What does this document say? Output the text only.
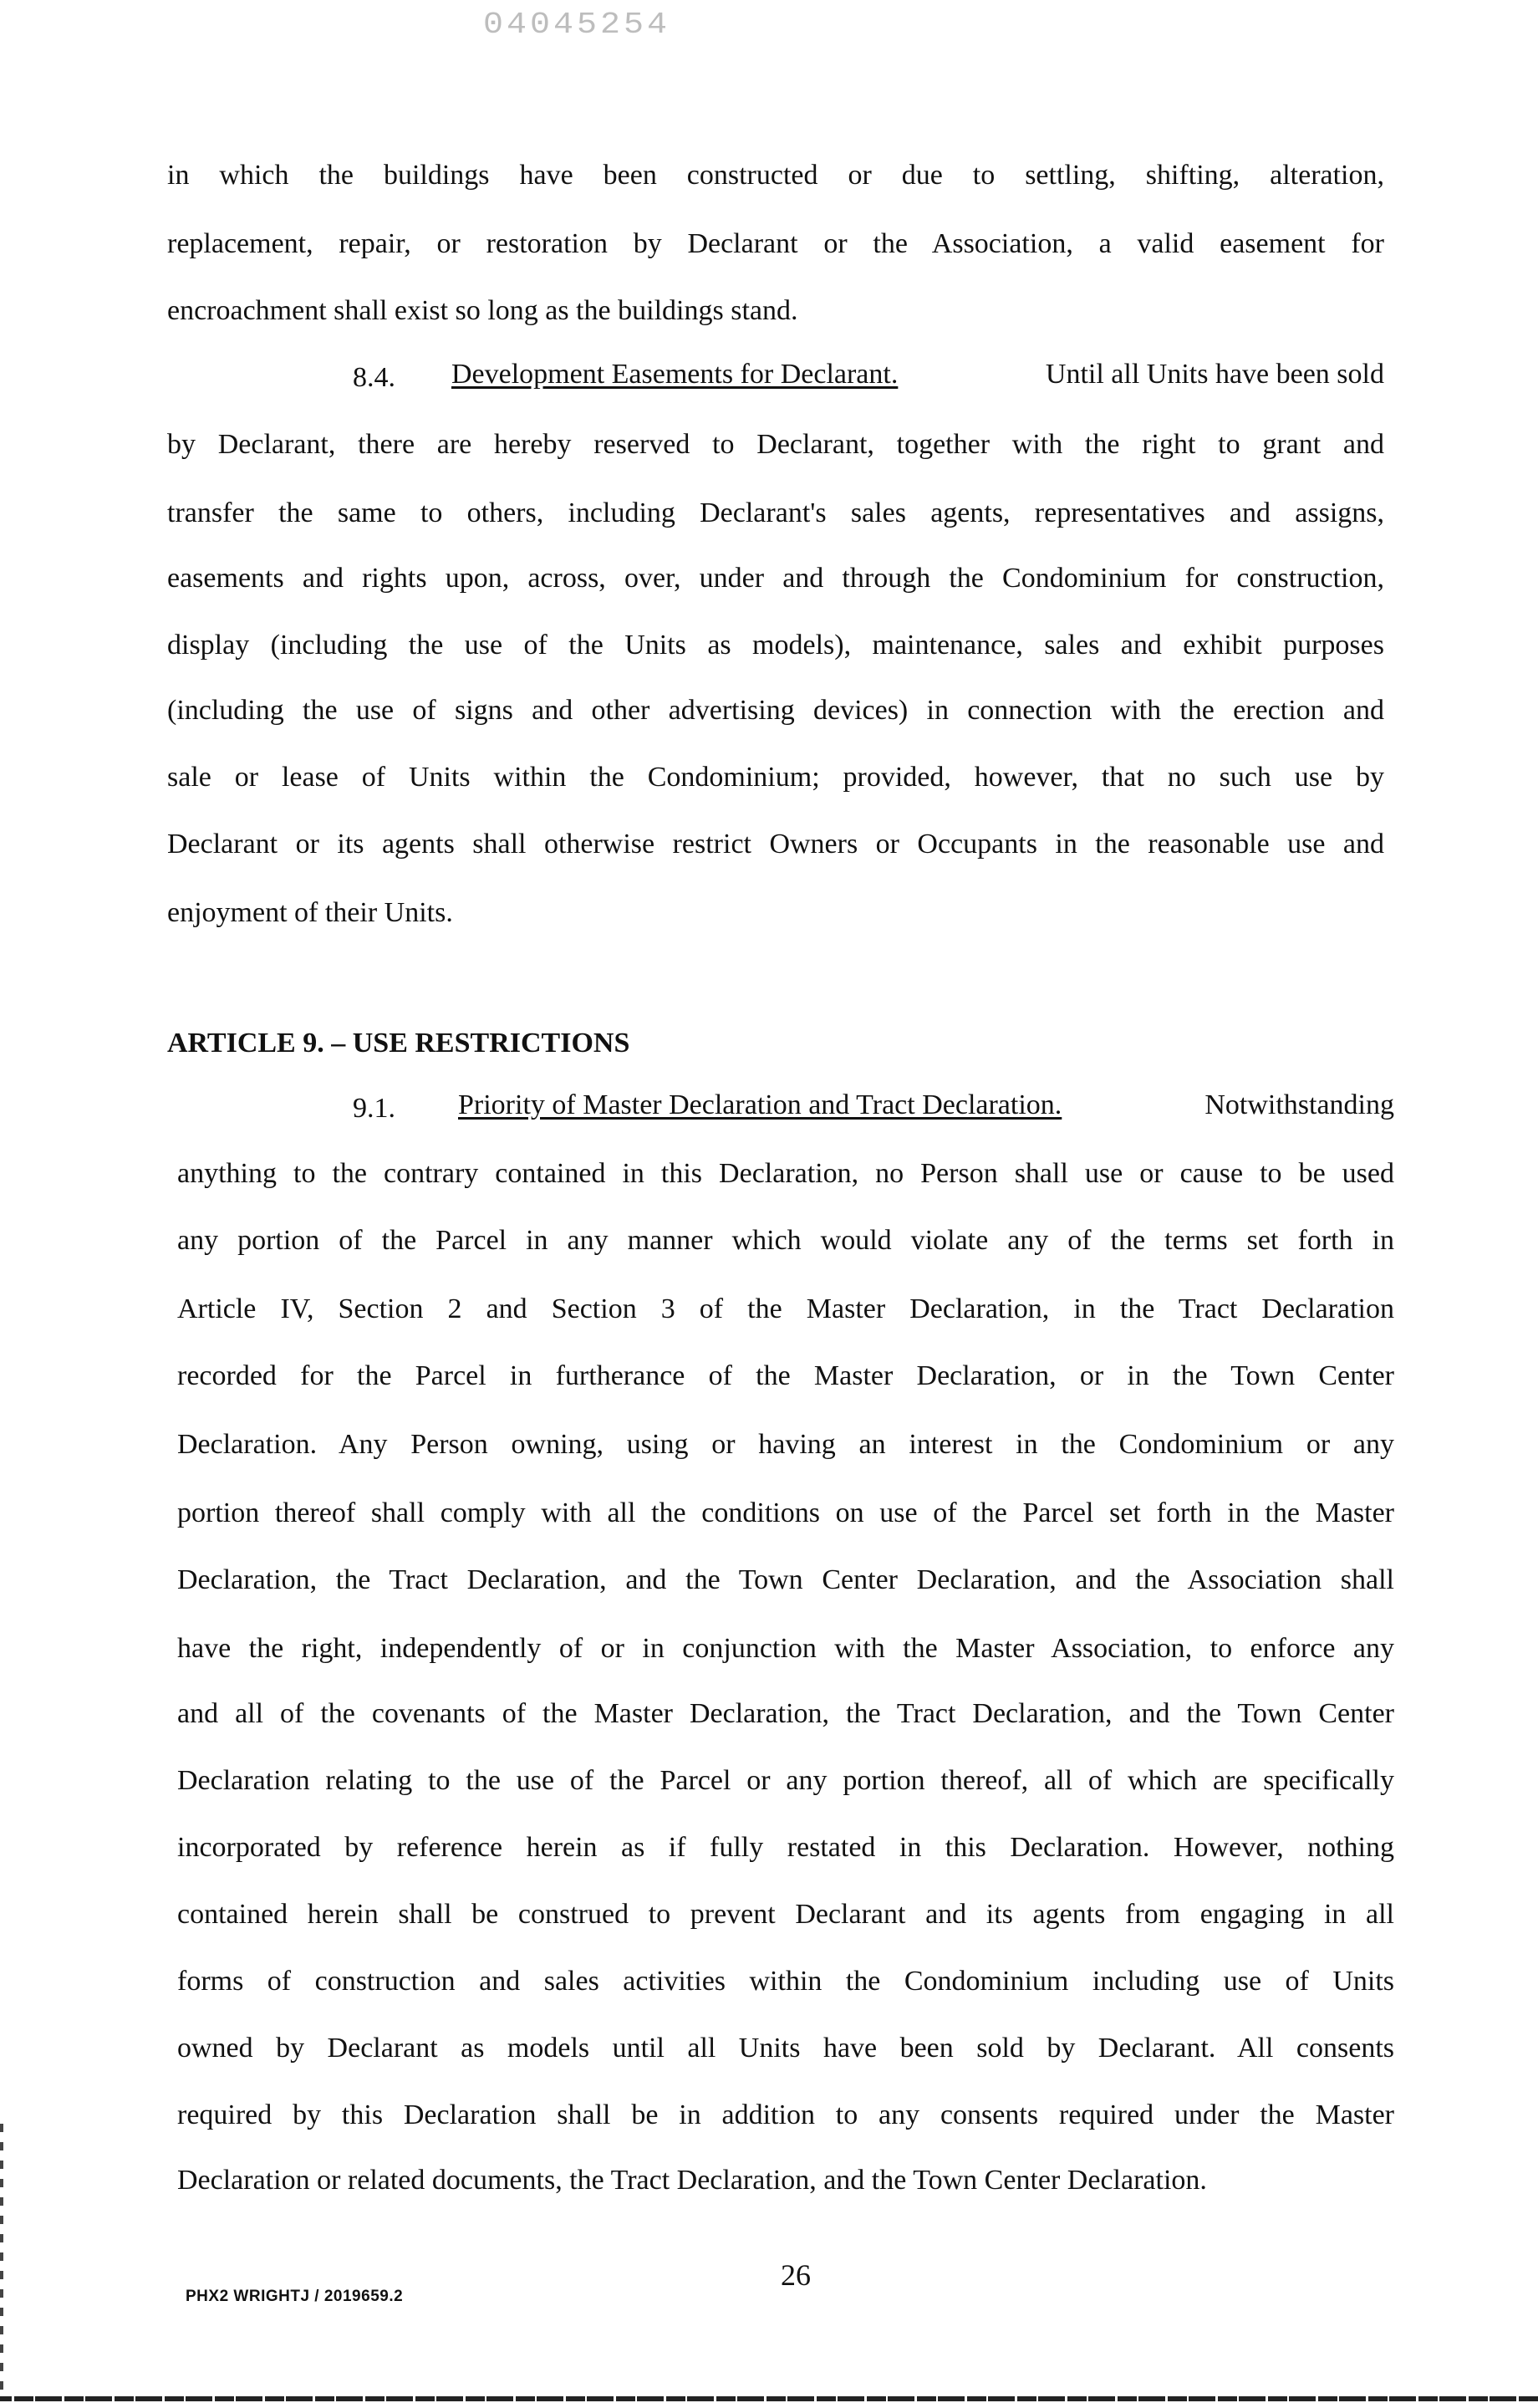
04045254
in which the buildings have been constructed or due to settling, shifting, alteration,
replacement, repair, or restoration by Declarant or the Association, a valid easement for
encroachment shall exist so long as the buildings stand.
8.4. Development Easements for Declarant.	Until all Units have been sold
by Declarant, there are hereby reserved to Declarant, together with the right to grant and
transfer the same to others, including Declarant's sales agents, representatives and assigns,
easements and rights upon, across, over, under and through the Condominium for construction,
display (including the use of the Units as models), maintenance, sales and exhibit purposes
(including the use of signs and other advertising devices) in connection with the erection and
sale or lease of Units within the Condominium; provided, however, that no such use by
Declarant or its agents shall otherwise restrict Owners or Occupants in the reasonable use and
enjoyment of their Units.
ARTICLE 9. – USE RESTRICTIONS
9.1. Priority of Master Declaration and Tract Declaration.	Notwithstanding
anything to the contrary contained in this Declaration, no Person shall use or cause to be used
any portion of the Parcel in any manner which would violate any of the terms set forth in
Article IV, Section 2 and Section 3 of the Master Declaration, in the Tract Declaration
recorded for the Parcel in furtherance of the Master Declaration, or in the Town Center
Declaration. Any Person owning, using or having an interest in the Condominium or any
portion thereof shall comply with all the conditions on use of the Parcel set forth in the Master
Declaration, the Tract Declaration, and the Town Center Declaration, and the Association shall
have the right, independently of or in conjunction with the Master Association, to enforce any
and all of the covenants of the Master Declaration, the Tract Declaration, and the Town Center
Declaration relating to the use of the Parcel or any portion thereof, all of which are specifically
incorporated by reference herein as if fully restated in this Declaration. However, nothing
contained herein shall be construed to prevent Declarant and its agents from engaging in all
forms of construction and sales activities within the Condominium including use of Units
owned by Declarant as models until all Units have been sold by Declarant. All consents
required by this Declaration shall be in addition to any consents required under the Master
Declaration or related documents, the Tract Declaration, and the Town Center Declaration.
PHX2 WRIGHTJ / 2019659.2
26
